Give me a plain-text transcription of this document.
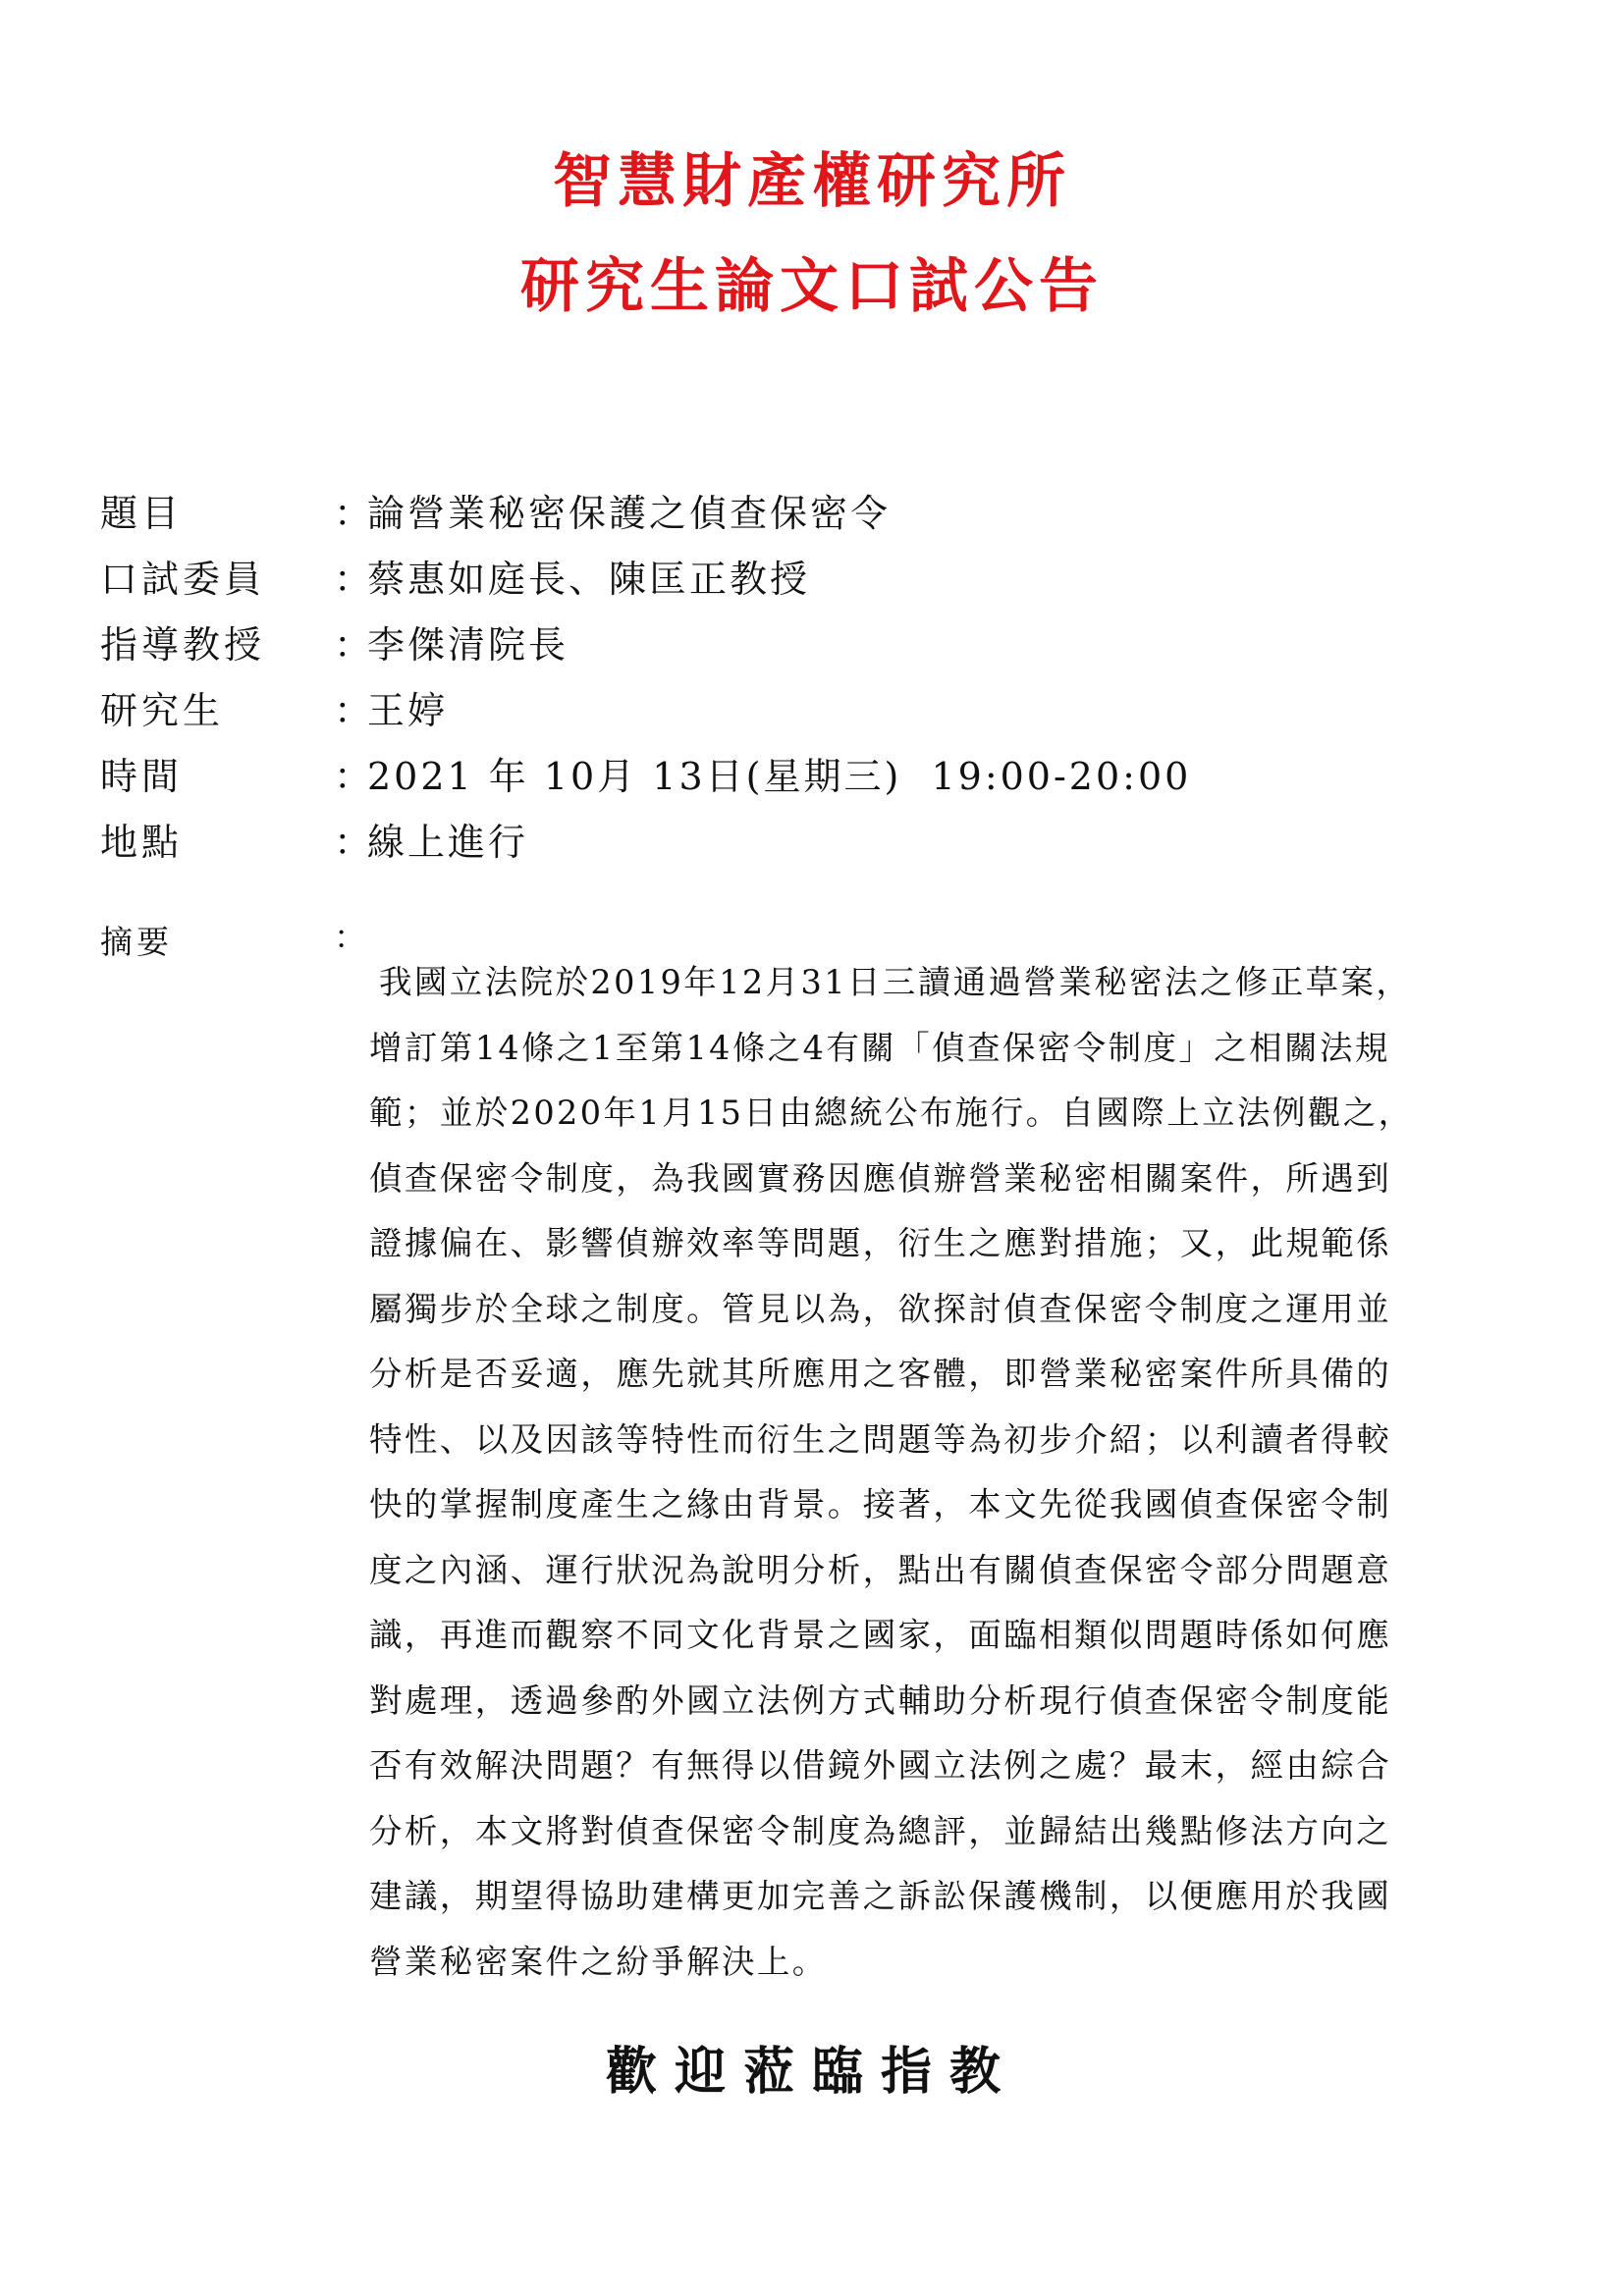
智慧財產權研究所
研究生論文口試公告
題目	：
論營業秘密保護之偵查保密令
口試委員 ：
蔡惠如庭長、陳匡正教授
指導教授 ：
李傑清院長
研究生	：
王婷
時間	：
2021 年 10月 13日(星期三)  19:00-20:00
地點	：
線上進行
摘要	：
我國立法院於2019年12月31日三讀通過營業秘密法之修正草案，
增訂第14條之1至第14條之4有關「偵查保密令制度」之相關法規
範；並於2020年1月15日由總統公布施行。自國際上立法例觀之，
偵查保密令制度，為我國實務因應偵辦營業秘密相關案件，所遇到
證據偏在、影響偵辦效率等問題，衍生之應對措施；又，此規範係
屬獨步於全球之制度。管見以為，欲探討偵查保密令制度之運用並
分析是否妥適，應先就其所應用之客體，即營業秘密案件所具備的
特性、以及因該等特性而衍生之問題等為初步介紹；以利讀者得較
快的掌握制度產生之緣由背景。接著，本文先從我國偵查保密令制
度之內涵、運行狀況為說明分析，點出有關偵查保密令部分問題意
識，再進而觀察不同文化背景之國家，面臨相類似問題時係如何應
對處理，透過參酌外國立法例方式輔助分析現行偵查保密令制度能
否有效解決問題？有無得以借鏡外國立法例之處？最末，經由綜合
分析，本文將對偵查保密令制度為總評，並歸結出幾點修法方向之
建議，期望得協助建構更加完善之訴訟保護機制，以便應用於我國
營業秘密案件之紛爭解決上。
歡迎蒞臨指教
